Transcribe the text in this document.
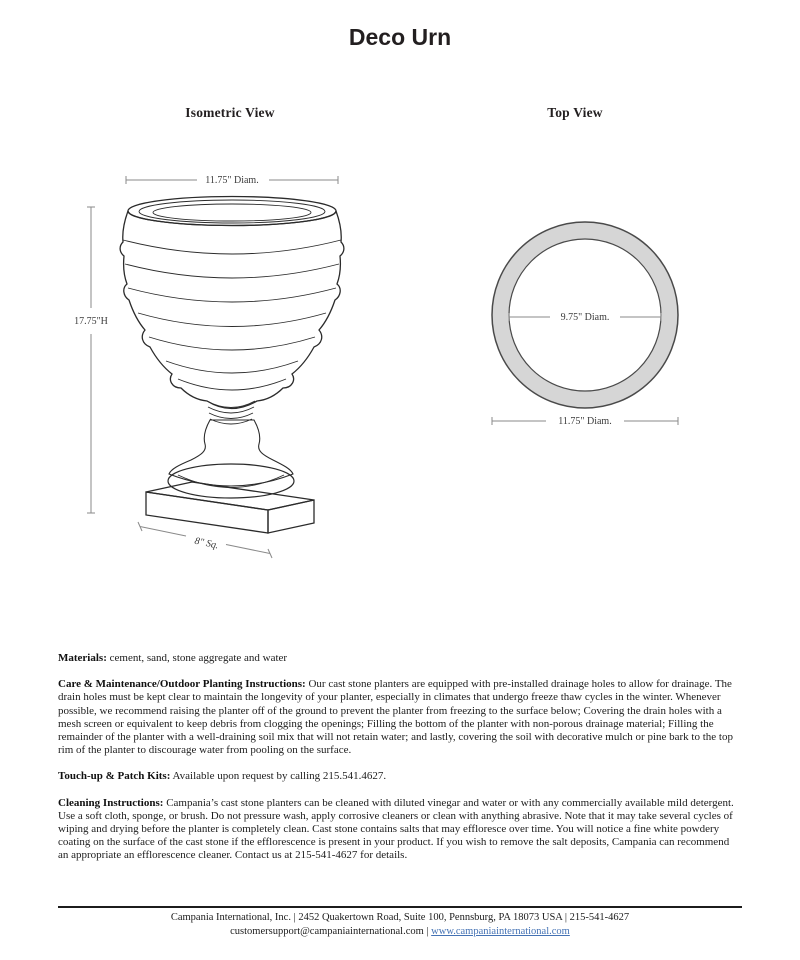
Deco Urn
Isometric View	Top View
11.75" Diam.
17.75"H
8" Sq.
9.75" Diam.
11.75" Diam.

Materials: cement, sand, stone aggregate and water

Care & Maintenance/Outdoor Planting Instructions: Our cast stone planters are equipped with pre-installed drainage holes to allow for drainage. The drain holes must be kept clear to maintain the longevity of your planter, especially in climates that undergo freeze thaw cycles in the winter. Whenever possible, we recommend raising the planter off of the ground to prevent the planter from freezing to the surface below; Covering the drain holes with a mesh screen or equivalent to keep debris from clogging the openings; Filling the bottom of the planter with non-porous drainage material; Filling the remainder of the planter with a well-draining soil mix that will not retain water; and lastly, covering the soil with decorative mulch or pine bark to the top rim of the planter to discourage water from pooling on the surface.

Touch-up & Patch Kits: Available upon request by calling 215.541.4627.

Cleaning Instructions: Campania’s cast stone planters can be cleaned with diluted vinegar and water or with any commercially available mild detergent. Use a soft cloth, sponge, or brush. Do not pressure wash, apply corrosive cleaners or clean with anything abrasive. Note that it may take several cycles of wiping and drying before the planter is completely clean. Cast stone contains salts that may effloresce over time. You will notice a fine white powdery coating on the surface of the cast stone if the efflorescence is present in your product. If you wish to remove the salt deposits, Campania can recommend an appropriate an efflorescence cleaner. Contact us at 215-541-4627 for details.

Campania International, Inc. | 2452 Quakertown Road, Suite 100, Pennsburg, PA 18073 USA | 215-541-4627
customersupport@campaniainternational.com | www.campaniainternational.com
